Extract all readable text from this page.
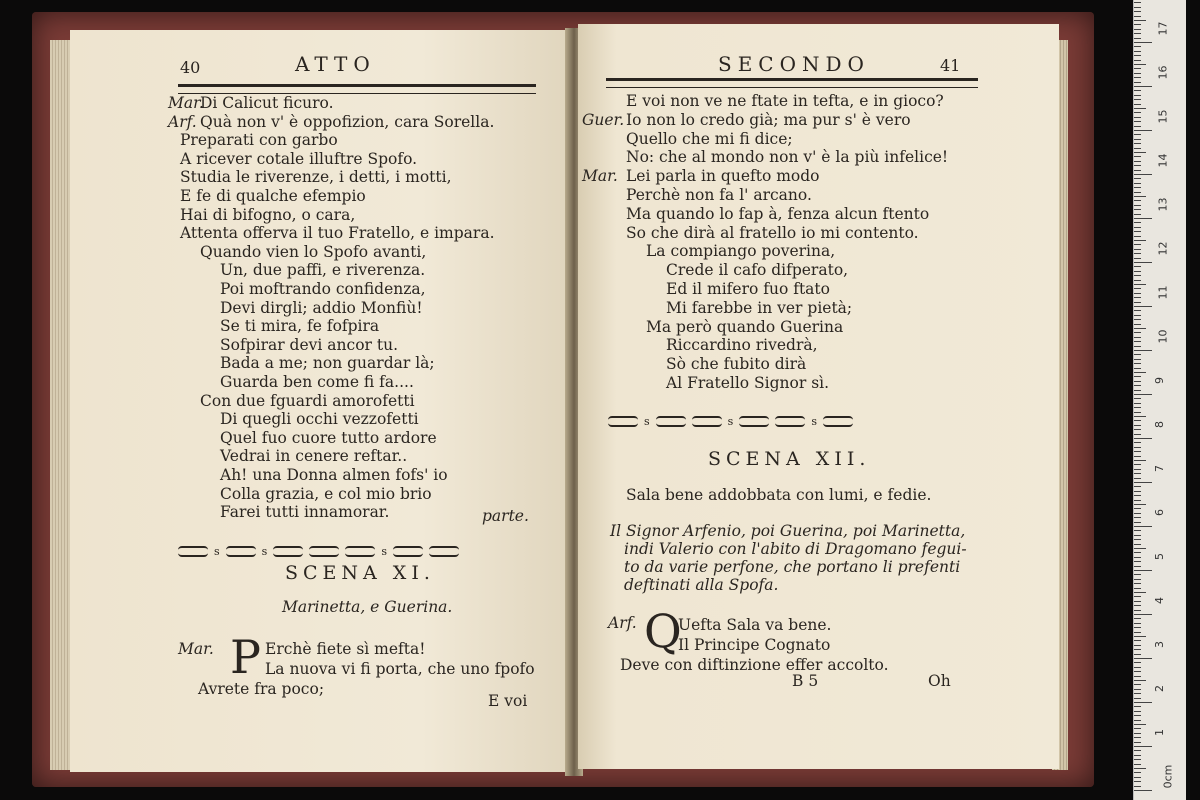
40	ATTO
Mar.
Di Calicut ficuro.
Arf. Quà non v' è oppofizion, cara Sorella.
Preparati con garbo
A ricever cotale illuftre Spofo.
Studia le riverenze, i detti, i motti,
E fe di qualche efempio
Hai di bifogno, o cara,
Attenta offerva il tuo Fratello, e impara.
Quando vien lo Spofo avanti,
Un, due paffi, e riverenza.
Poi moftrando confidenza,
Devi dirgli; addio Monfiù!
Se ti mira, fe fofpira
Sofpirar devi ancor tu.
Bada a me; non guardar là;
Guarda ben come fi fa....
Con due fguardi amorofetti
Di quegli occhi vezzofetti
Quel fuo cuore tutto ardore
Vedrai in cenere reftar..
Ah! una Donna almen fofs' io
Colla grazia, e col mio brio
Farei tutti innamorar.	parte.
s	s	s
SCENA XI.
Marinetta, e Guerina.
Mar. P Erchè fiete sì mefta!
La nuova vi fi porta, che uno fpofo
Avrete fra poco;
E voi
SECONDO	41
E voi non ve ne ftate in tefta, e in gioco?
Guer. Io non lo credo già; ma pur s' è vero
Quello che mi fi dice;
No: che al mondo non v' è la più infelice!
Mar. Lei parla in quefto modo
Perchè non fa l' arcano.
Ma quando lo fap à, fenza alcun ftento
So che dirà al fratello io mi contento.
La compiango poverina,
Crede il cafo difperato,
Ed il mifero fuo ftato
Mi farebbe in ver pietà;
Ma però quando Guerina
Riccardino rivedrà,
Sò che fubito dirà
Al Fratello Signor sì.
s	s	s
SCENA XII.
Sala bene addobbata con lumi, e fedie.
Il Signor Arfenio, poi Guerina, poi Marinetta,
indi Valerio con l'abito di Dragomano fegui-
to da varie perfone, che portano li prefenti
deftinati alla Spofa.
Arf. Q
Uefta Sala va bene.
Il Principe Cognato
Deve con diftinzione effer accolto.
B 5	Oh
0cm
1
2
3
4
5
6
7
8
9
10
11
12
13
14
15
16
17
